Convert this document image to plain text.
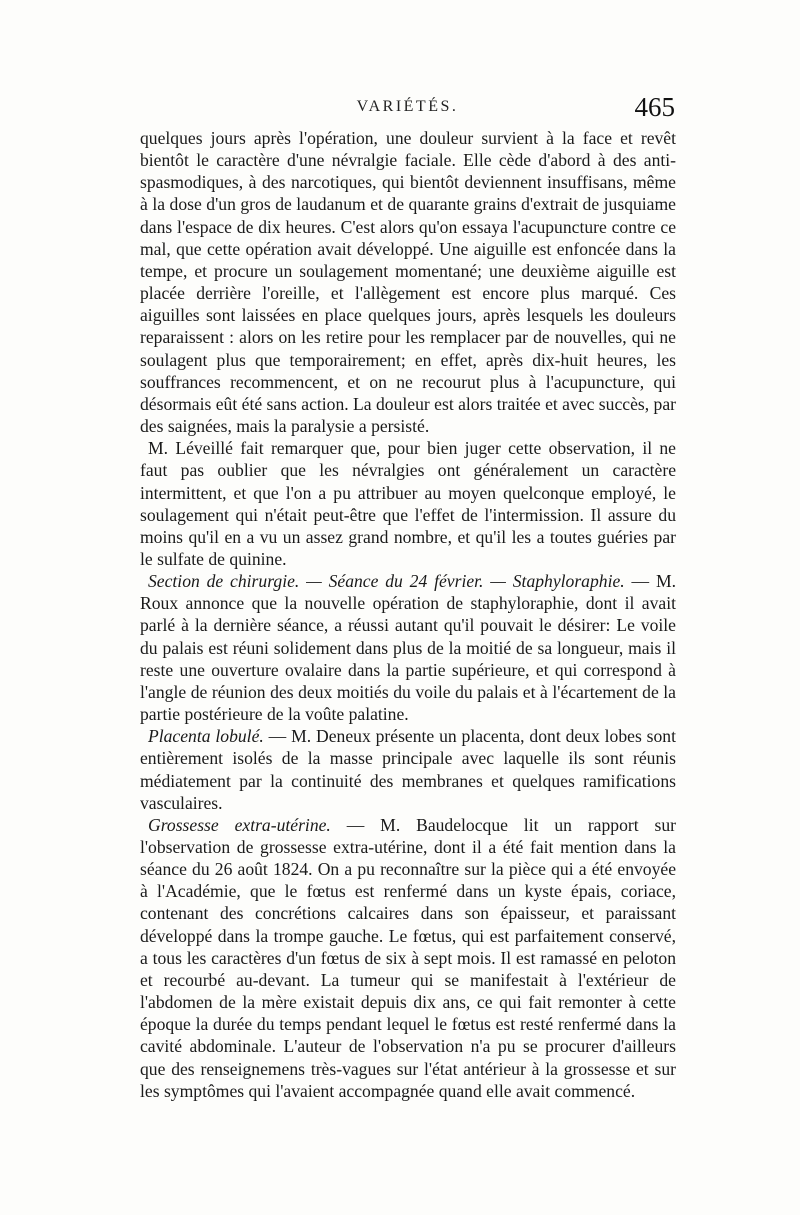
VARIÉTÉS.	465

quelques jours après l'opération, une douleur survient à la face et revêt bientôt le caractère d'une névralgie faciale. Elle cède d'abord à des anti-spasmodiques, à des narcotiques, qui bientôt deviennent insuffisans, même à la dose d'un gros de laudanum et de quarante grains d'extrait de jusquiame dans l'espace de dix heures. C'est alors qu'on essaya l'acupuncture contre ce mal, que cette opération avait développé. Une aiguille est enfoncée dans la tempe, et procure un soulagement momentané; une deuxième aiguille est placée derrière l'oreille, et l'allègement est encore plus marqué. Ces aiguilles sont laissées en place quelques jours, après lesquels les douleurs reparaissent : alors on les retire pour les remplacer par de nouvelles, qui ne soulagent plus que temporairement; en effet, après dix-huit heures, les souffrances recommencent, et on ne recourut plus à l'acupuncture, qui désormais eût été sans action. La douleur est alors traitée et avec succès, par des saignées, mais la paralysie a persisté.

M. Léveillé fait remarquer que, pour bien juger cette observation, il ne faut pas oublier que les névralgies ont généralement un caractère intermittent, et que l'on a pu attribuer au moyen quelconque employé, le soulagement qui n'était peut-être que l'effet de l'intermission. Il assure du moins qu'il en a vu un assez grand nombre, et qu'il les a toutes guéries par le sulfate de quinine.

Section de chirurgie. — Séance du 24 février. — Staphyloraphie. — M. Roux annonce que la nouvelle opération de staphyloraphie, dont il avait parlé à la dernière séance, a réussi autant qu'il pouvait le désirer: Le voile du palais est réuni solidement dans plus de la moitié de sa longueur, mais il reste une ouverture ovalaire dans la partie supérieure, et qui correspond à l'angle de réunion des deux moitiés du voile du palais et à l'écartement de la partie postérieure de la voûte palatine.

Placenta lobulé. — M. Deneux présente un placenta, dont deux lobes sont entièrement isolés de la masse principale avec laquelle ils sont réunis médiatement par la continuité des membranes et quelques ramifications vasculaires.

Grossesse extra-utérine. — M. Baudelocque lit un rapport sur l'observation de grossesse extra-utérine, dont il a été fait mention dans la séance du 26 août 1824. On a pu reconnaître sur la pièce qui a été envoyée à l'Académie, que le fœtus est renfermé dans un kyste épais, coriace, contenant des concrétions calcaires dans son épaisseur, et paraissant développé dans la trompe gauche. Le fœtus, qui est parfaitement conservé, a tous les caractères d'un fœtus de six à sept mois. Il est ramassé en peloton et recourbé au-devant. La tumeur qui se manifestait à l'extérieur de l'abdomen de la mère existait depuis dix ans, ce qui fait remonter à cette époque la durée du temps pendant lequel le fœtus est resté renfermé dans la cavité abdominale. L'auteur de l'observation n'a pu se procurer d'ailleurs que des renseignemens très-vagues sur l'état antérieur à la grossesse et sur les symptômes qui l'avaient accompagnée quand elle avait commencé.
